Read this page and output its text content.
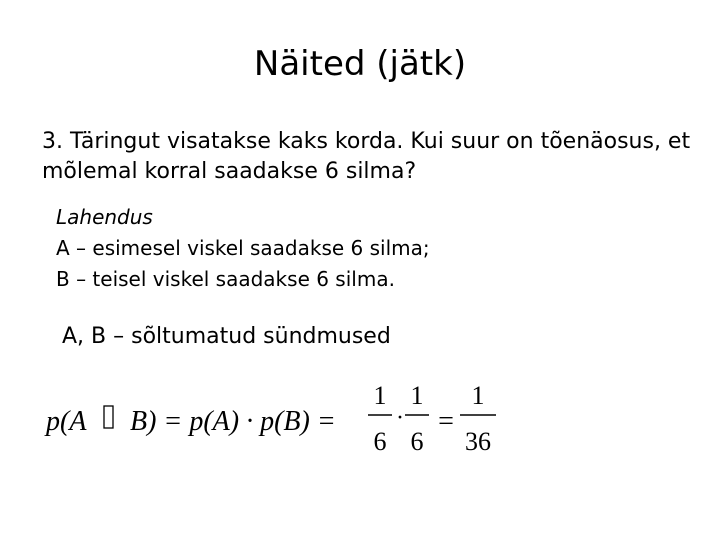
Näited (jätk)

3. Täringut visatakse kaks korda. Kui suur on tõenäosus, et mõlemal korral saadakse 6 silma?

Lahendus
A – esimesel viskel saadakse 6 silma;
B – teisel viskel saadakse 6 silma.
A, B – sõltumatud sündmused
p(A B) = p(A) · p(B) =
1
6
·
1
6
=
1
36
